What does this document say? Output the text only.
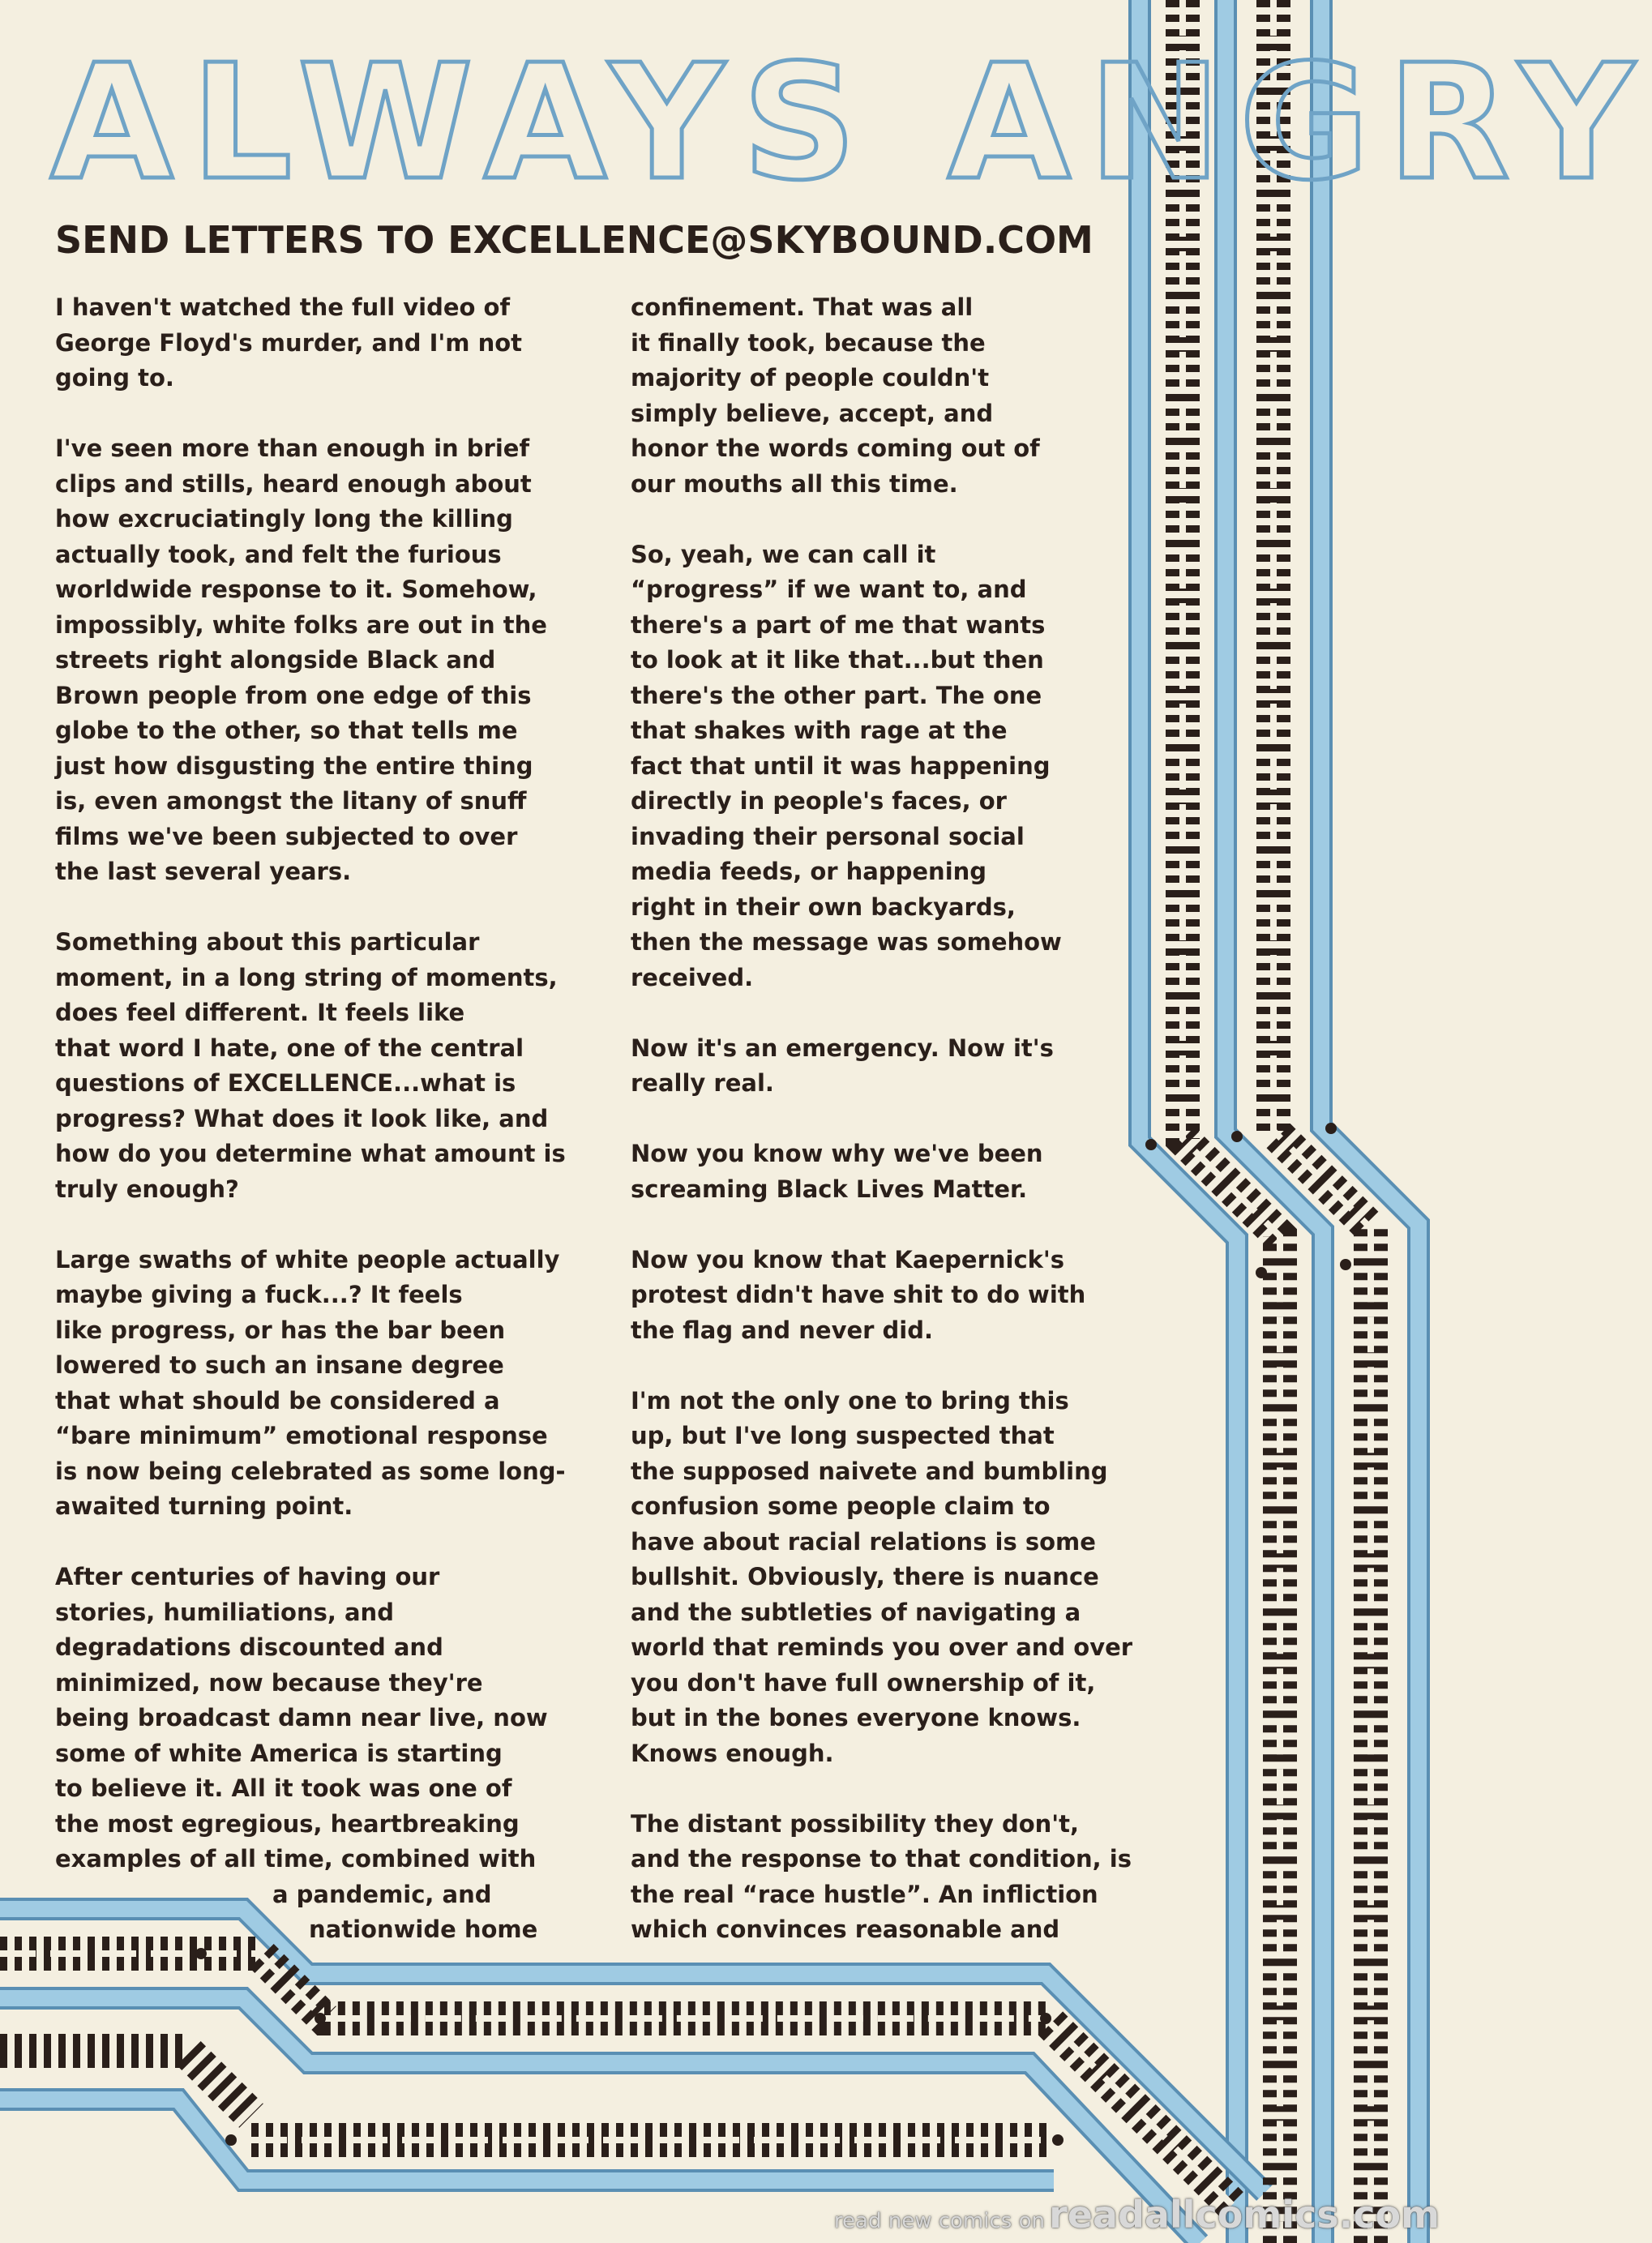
ALWAYS ANGRY
SEND LETTERS TO EXCELLENCE@SKYBOUND.COM

I haven't watched the full video of
George Floyd's murder, and I'm not
going to.

I've seen more than enough in brief
clips and stills, heard enough about
how excruciatingly long the killing
actually took, and felt the furious
worldwide response to it. Somehow,
impossibly, white folks are out in the
streets right alongside Black and
Brown people from one edge of this
globe to the other, so that tells me
just how disgusting the entire thing
is, even amongst the litany of snuff
films we've been subjected to over
the last several years.

Something about this particular
moment, in a long string of moments,
does feel different. It feels like
that word I hate, one of the central
questions of EXCELLENCE...what is
progress? What does it look like, and
how do you determine what amount is
truly enough?

Large swaths of white people actually
maybe giving a fuck...? It feels
like progress, or has the bar been
lowered to such an insane degree
that what should be considered a
“bare minimum” emotional response
is now being celebrated as some long-
awaited turning point.

After centuries of having our
stories, humiliations, and
degradations discounted and
minimized, now because they're
being broadcast damn near live, now
some of white America is starting
to believe it. All it took was one of
the most egregious, heartbreaking
examples of all time, combined with
a pandemic, and
nationwide home

confinement. That was all
it finally took, because the
majority of people couldn't
simply believe, accept, and
honor the words coming out of
our mouths all this time.

So, yeah, we can call it
“progress” if we want to, and
there's a part of me that wants
to look at it like that...but then
there's the other part. The one
that shakes with rage at the
fact that until it was happening
directly in people's faces, or
invading their personal social
media feeds, or happening
right in their own backyards,
then the message was somehow
received.

Now it's an emergency. Now it's
really real.

Now you know why we've been
screaming Black Lives Matter.

Now you know that Kaepernick's
protest didn't have shit to do with
the flag and never did.

I'm not the only one to bring this
up, but I've long suspected that
the supposed naivete and bumbling
confusion some people claim to
have about racial relations is some
bullshit. Obviously, there is nuance
and the subtleties of navigating a
world that reminds you over and over
you don't have full ownership of it,
but in the bones everyone knows.
Knows enough.

The distant possibility they don't,
and the response to that condition, is
the real “race hustle”. An infliction
which convinces reasonable and

read new comics on readallcomics.com
